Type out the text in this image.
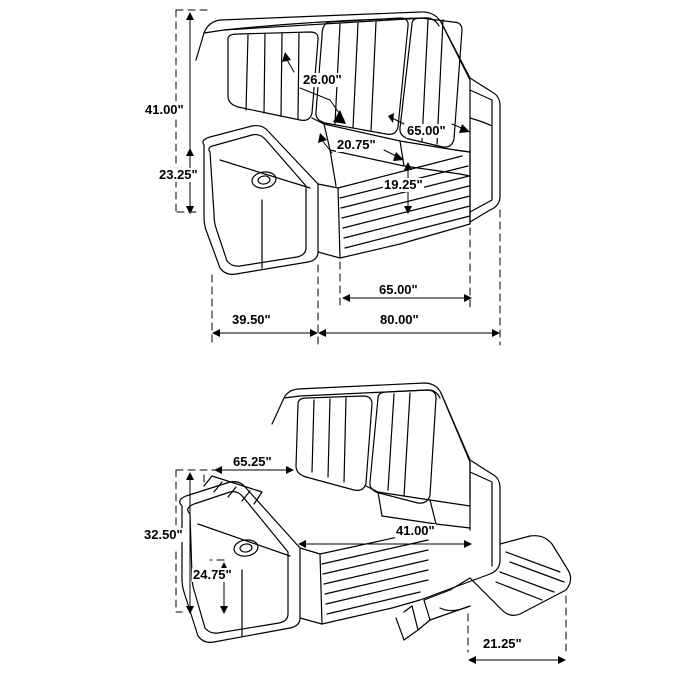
41.00"
26.00"
23.25"
20.75"
65.00"
19.25"
65.00"
39.50"	80.00"
65.25"
32.50"	41.00"
24.75"
21.25"
